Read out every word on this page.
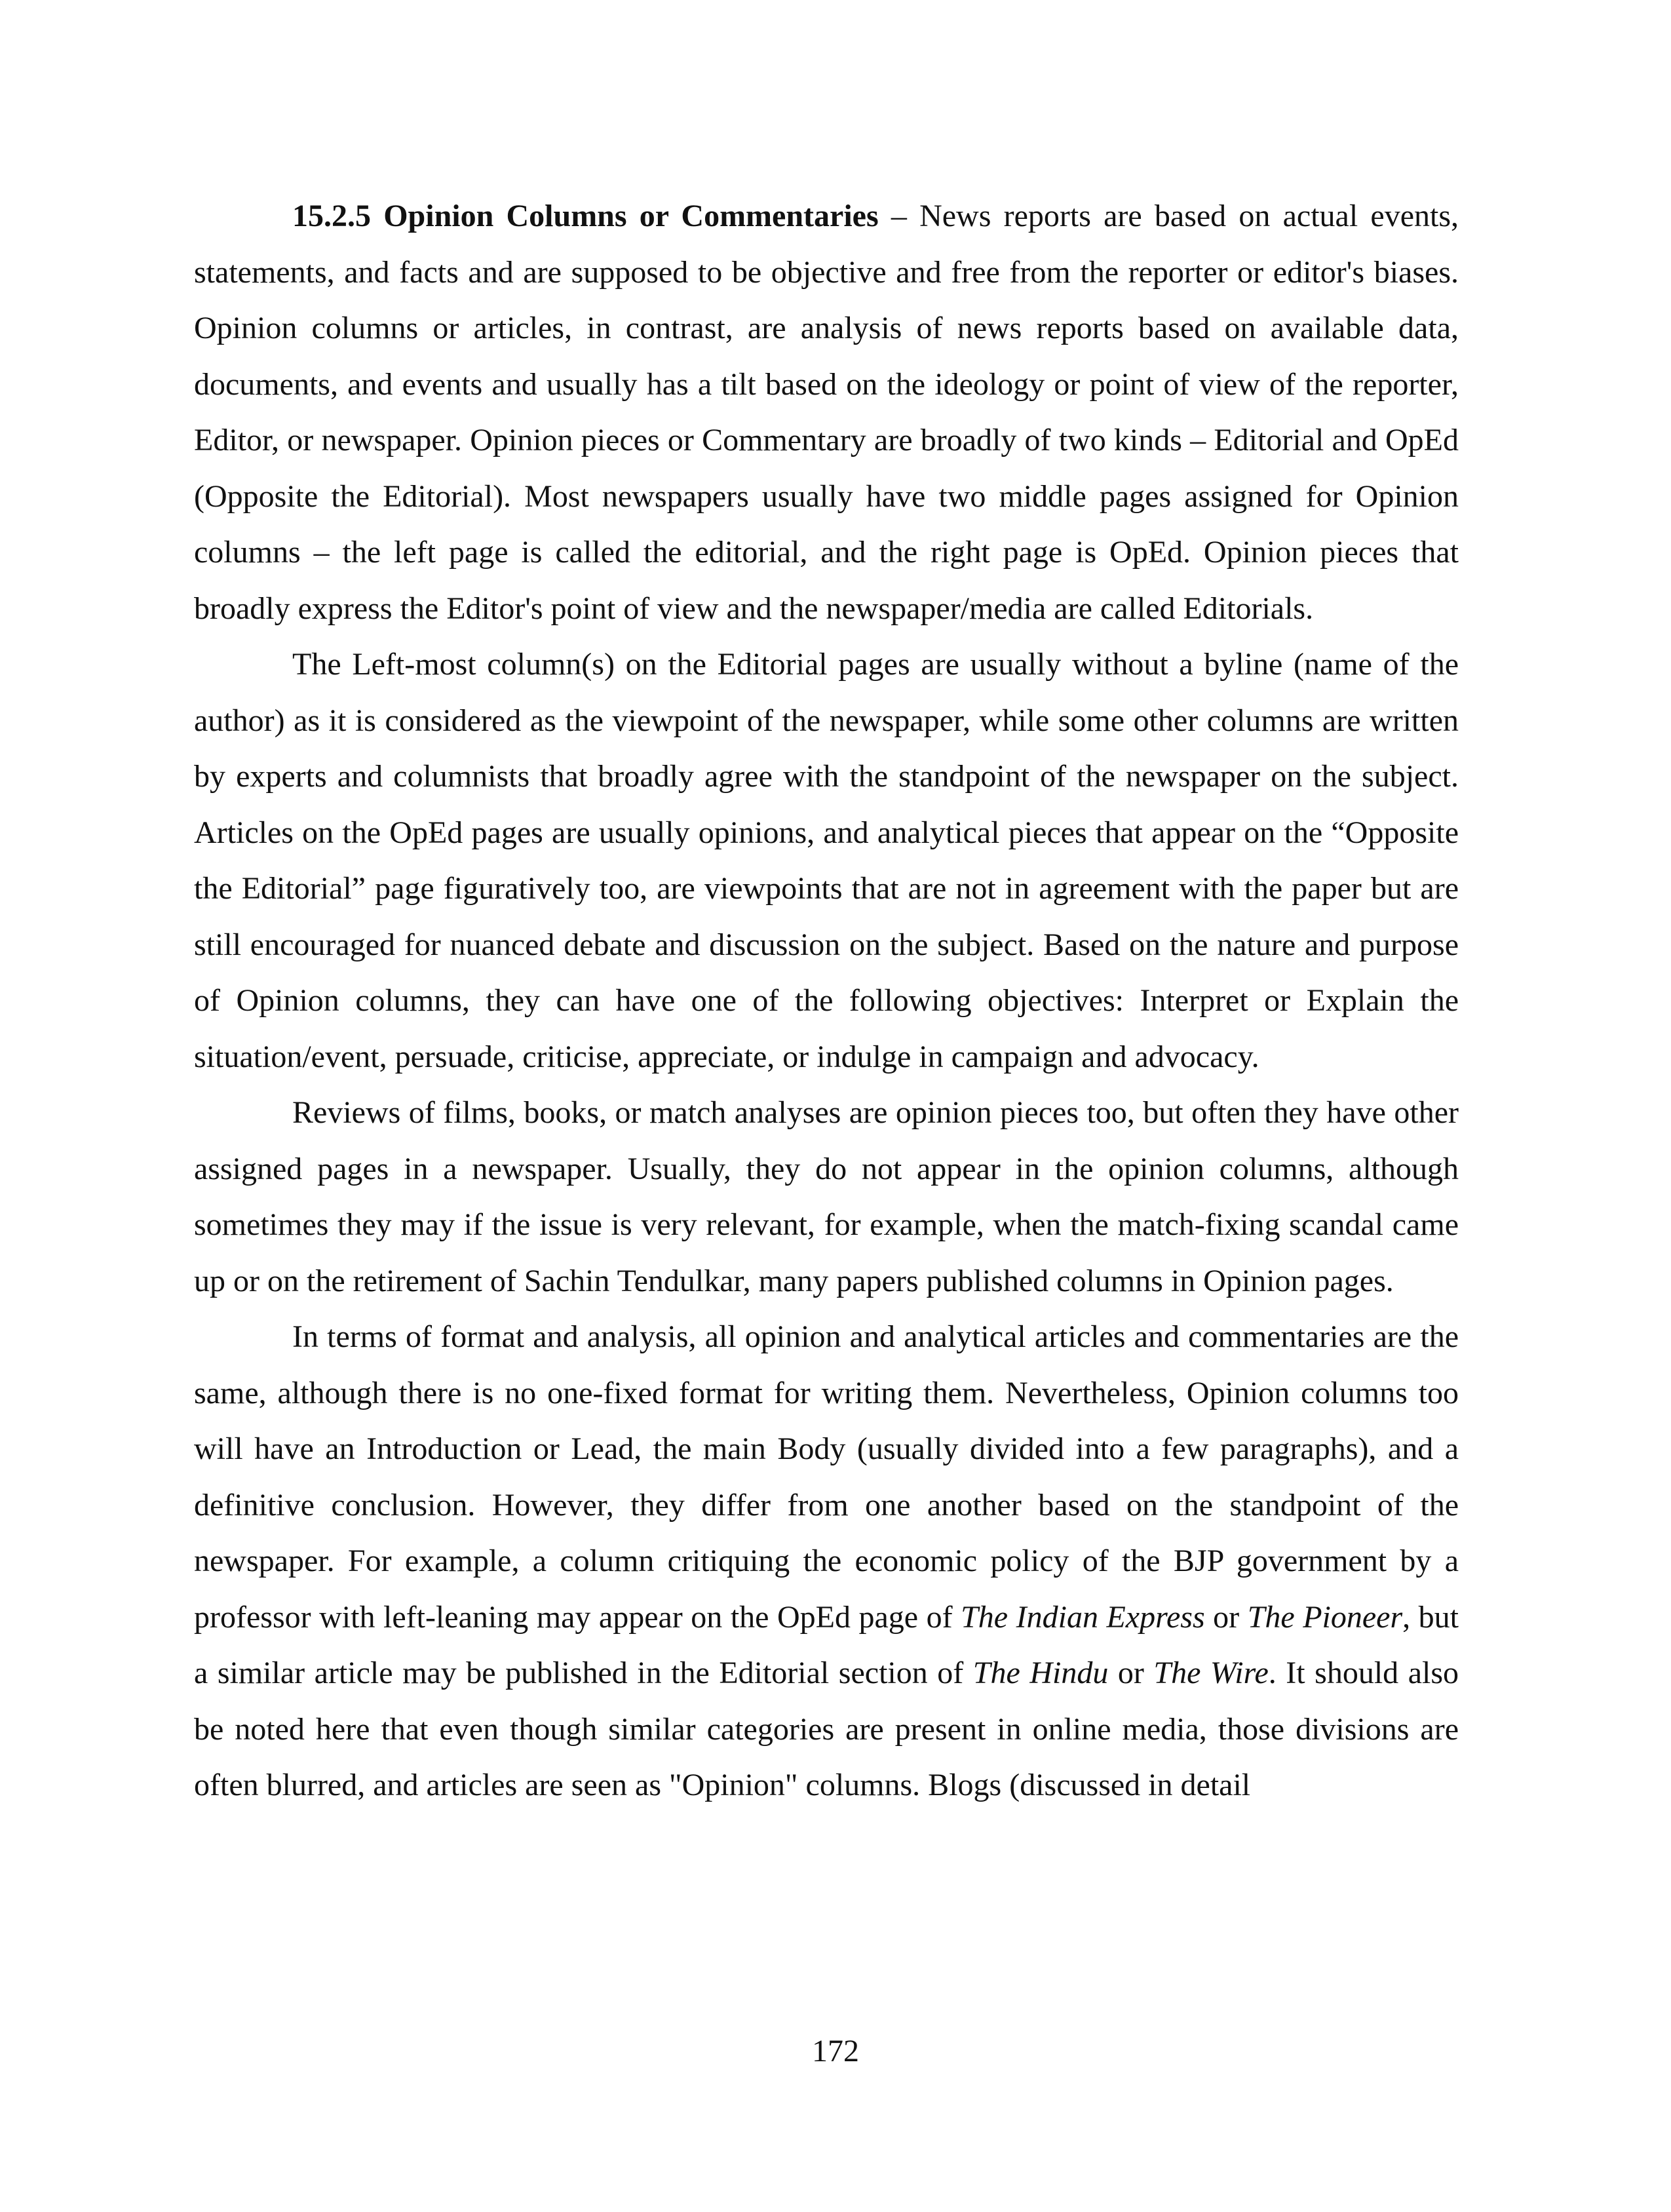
15.2.5 Opinion Columns or Commentaries – News reports are based on actual events, statements, and facts and are supposed to be objective and free from the reporter or editor's biases. Opinion columns or articles, in contrast, are analysis of news reports based on available data, documents, and events and usually has a tilt based on the ideology or point of view of the reporter, Editor, or newspaper. Opinion pieces or Commentary are broadly of two kinds – Editorial and OpEd (Opposite the Editorial). Most newspapers usually have two middle pages assigned for Opinion columns – the left page is called the editorial, and the right page is OpEd. Opinion pieces that broadly express the Editor's point of view and the newspaper/media are called Editorials.

The Left-most column(s) on the Editorial pages are usually without a byline (name of the author) as it is considered as the viewpoint of the newspaper, while some other columns are written by experts and columnists that broadly agree with the standpoint of the newspaper on the subject. Articles on the OpEd pages are usually opinions, and analytical pieces that appear on the “Opposite the Editorial” page figuratively too, are viewpoints that are not in agreement with the paper but are still encouraged for nuanced debate and discussion on the subject. Based on the nature and purpose of Opinion columns, they can have one of the following objectives: Interpret or Explain the situation/event, persuade, criticise, appreciate, or indulge in campaign and advocacy.

Reviews of films, books, or match analyses are opinion pieces too, but often they have other assigned pages in a newspaper. Usually, they do not appear in the opinion columns, although sometimes they may if the issue is very relevant, for example, when the match-fixing scandal came up or on the retirement of Sachin Tendulkar, many papers published columns in Opinion pages.

In terms of format and analysis, all opinion and analytical articles and commentaries are the same, although there is no one-fixed format for writing them. Nevertheless, Opinion columns too will have an Introduction or Lead, the main Body (usually divided into a few paragraphs), and a definitive conclusion. However, they differ from one another based on the standpoint of the newspaper. For example, a column critiquing the economic policy of the BJP government by a professor with left-leaning may appear on the OpEd page of The Indian Express or The Pioneer, but a similar article may be published in the Editorial section of The Hindu or The Wire. It should also be noted here that even though similar categories are present in online media, those divisions are often blurred, and articles are seen as "Opinion" columns. Blogs (discussed in detail

172
